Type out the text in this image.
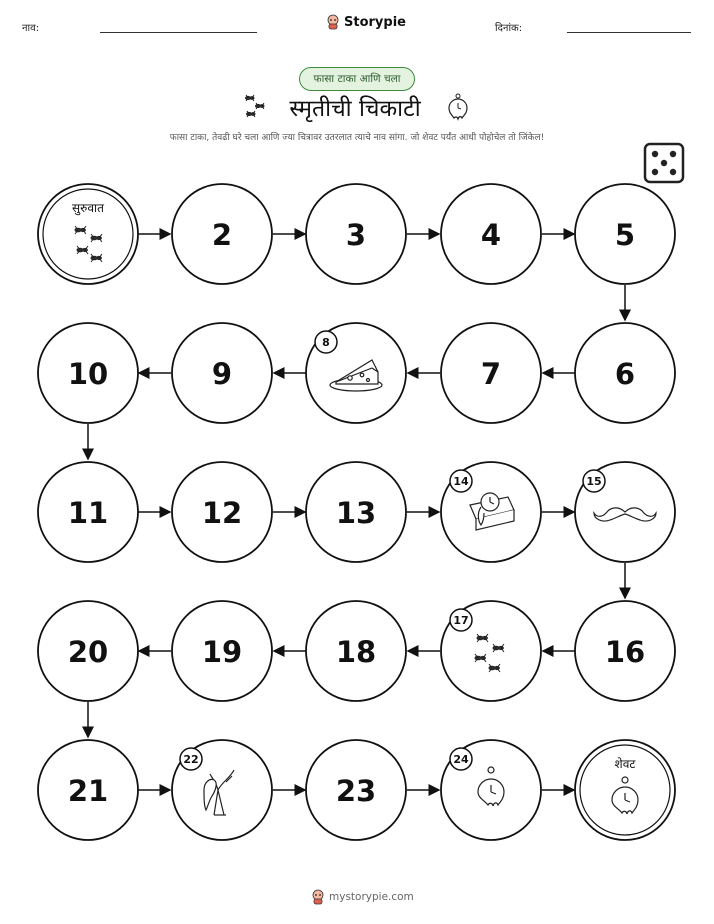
नाव:	Storypie	दिनांक:
फासा टाका आणि चला
स्मृतीची चिकाटी
फासा टाका, तेवढी घरे चला आणि ज्या चित्रावर उतरलात त्याचे नाव सांगा. जो शेवट पर्यंत आधी पोहोचेल तो जिंकेल!
सुरुवात
2	3	4	5
6
7
8
9
10
11	12	13
14	15
16
17
18
19
20
21
22
23
24	शेवट
mystorypie.com
